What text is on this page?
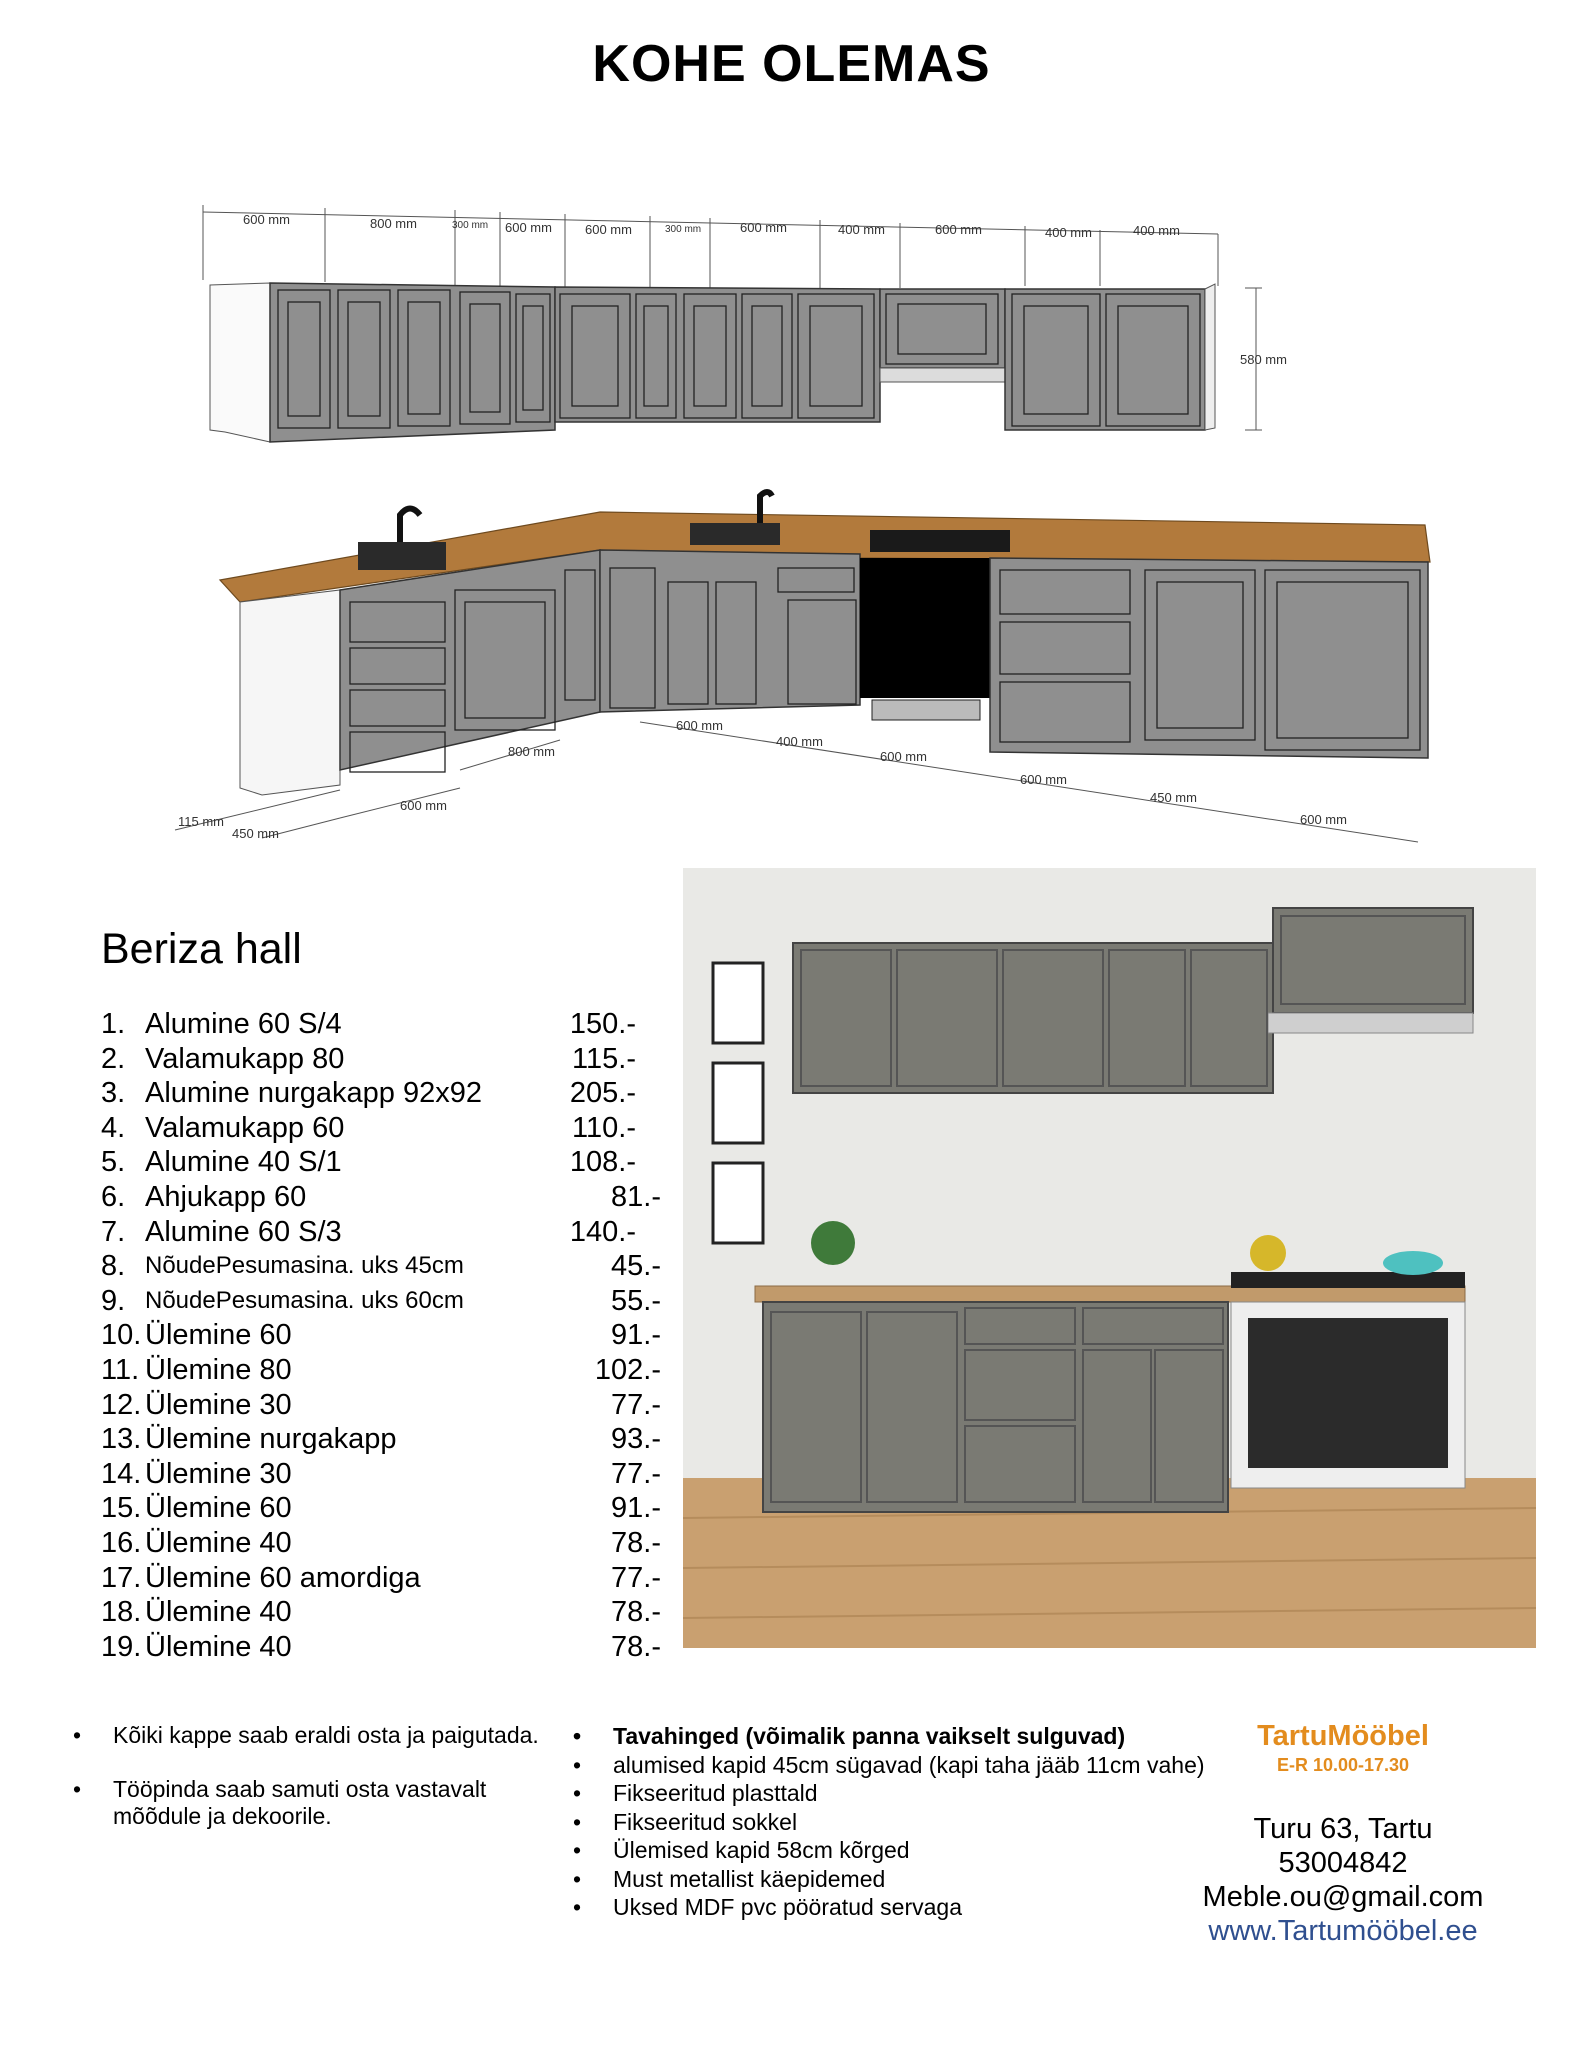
KOHE OLEMAS
600 mm	800 mm	300 mm 600 mm	600 mm	300 mm	600 mm	400 mm	600 mm	400 mm	400 mm
580 mm
450 mm
600 mm
800 mm
600 mm
400 mm
600 mm
600 mm
450 mm
600 mm
115 mm
Beriza hall
1. Alumine 60 S/4	150.-
2. Valamukapp 80	115.-
3. Alumine nurgakapp 92x92	205.-
4. Valamukapp 60	110.-
5. Alumine 40 S/1	108.-
6. Ahjukapp 60	81.-
7. Alumine 60 S/3	140.-
8. NõudePesumasina. uks 45cm	45.-
9. NõudePesumasina. uks 60cm	55.-
10. Ülemine 60	91.-
11. Ülemine 80	102.-
12. Ülemine 30	77.-
13. Ülemine nurgakapp	93.-
14. Ülemine 30	77.-
15. Ülemine 60	91.-
16. Ülemine 40	78.-
17. Ülemine 60 amordiga	77.-
18. Ülemine 40	78.-
19. Ülemine 40	78.-
• Kõiki kappe saab eraldi osta ja paigutada.
• Tööpinda saab samuti osta vastavalt mõõdule ja dekoorile.
• Tavahinged (võimalik panna vaikselt sulguvad)
• alumised kapid 45cm sügavad (kapi taha jääb 11cm vahe)
• Fikseeritud plasttald
• Fikseeritud sokkel
• Ülemised kapid 58cm kõrged
• Must metallist käepidemed
• Uksed MDF pvc pööratud servaga
TartuMööbel
E-R 10.00-17.30
Turu 63, Tartu
53004842
Meble.ou@gmail.com
www.Tartumööbel.ee
